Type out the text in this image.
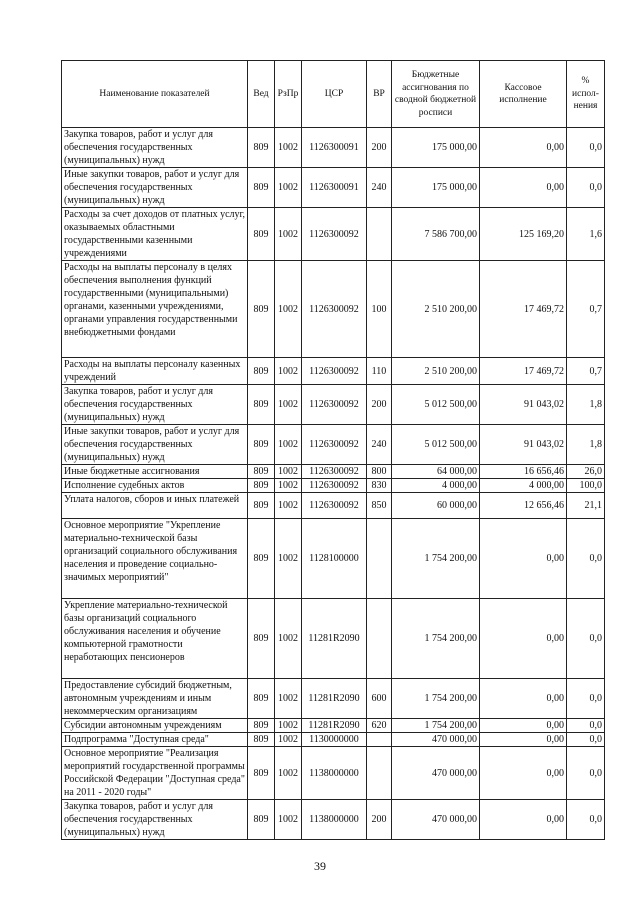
Наименование показателей	Вед	РзПр	ЦСР	ВР	Бюджетные ассигнования по сводной бюджетной росписи	Кассовое исполнение	% испол-нения
Закупка товаров, работ и услуг для обеспечения государственных (муниципальных) нужд	809	1002	1126300091	200	175 000,00	0,00	0,0
Иные закупки товаров, работ и услуг для обеспечения государственных (муниципальных) нужд	809	1002	1126300091	240	175 000,00	0,00	0,0
Расходы за счет доходов от платных услуг, оказываемых областными государственными казенными учреждениями	809	1002	1126300092		7 586 700,00	125 169,20	1,6
Расходы на выплаты персоналу в целях обеспечения выполнения функций государственными (муниципальными) органами, казенными учреждениями, органами управления государственными внебюджетными фондами	809	1002	1126300092	100	2 510 200,00	17 469,72	0,7
Расходы на выплаты персоналу казенных учреждений	809	1002	1126300092	110	2 510 200,00	17 469,72	0,7
Закупка товаров, работ и услуг для обеспечения государственных (муниципальных) нужд	809	1002	1126300092	200	5 012 500,00	91 043,02	1,8
Иные закупки товаров, работ и услуг для обеспечения государственных (муниципальных) нужд	809	1002	1126300092	240	5 012 500,00	91 043,02	1,8
Иные бюджетные ассигнования	809	1002	1126300092	800	64 000,00	16 656,46	26,0
Исполнение судебных актов	809	1002	1126300092	830	4 000,00	4 000,00	100,0
Уплата налогов, сборов и иных платежей	809	1002	1126300092	850	60 000,00	12 656,46	21,1
Основное мероприятие "Укрепление материально-технической базы организаций социального обслуживания населения и проведение социально-значимых мероприятий"	809	1002	1128100000		1 754 200,00	0,00	0,0
Укрепление материально-технической базы организаций социального обслуживания населения и обучение компьютерной грамотности неработающих пенсионеров	809	1002	11281R2090		1 754 200,00	0,00	0,0
Предоставление субсидий бюджетным, автономным учреждениям и иным некоммерческим организациям	809	1002	11281R2090	600	1 754 200,00	0,00	0,0
Субсидии автономным учреждениям	809	1002	11281R2090	620	1 754 200,00	0,00	0,0
Подпрограмма "Доступная среда"	809	1002	1130000000		470 000,00	0,00	0,0
Основное мероприятие "Реализация мероприятий государственной программы Российской Федерации "Доступная среда" на 2011 - 2020 годы"	809	1002	1138000000		470 000,00	0,00	0,0
Закупка товаров, работ и услуг для обеспечения государственных (муниципальных) нужд	809	1002	1138000000	200	470 000,00	0,00	0,0
39
